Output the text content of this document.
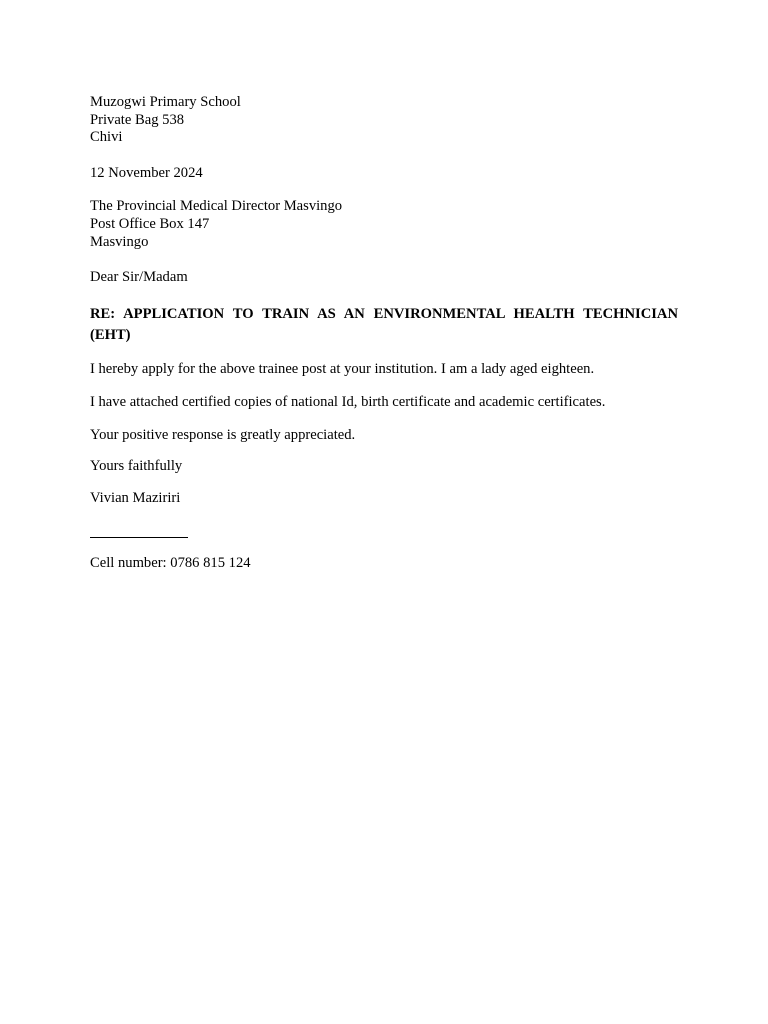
Muzogwi Primary School
Private Bag 538
Chivi
12 November 2024
The Provincial Medical Director Masvingo
Post Office Box 147
Masvingo
Dear Sir/Madam

RE: APPLICATION TO TRAIN AS AN ENVIRONMENTAL HEALTH TECHNICIAN (EHT)

I hereby apply for the above trainee post at your institution. I am a lady aged eighteen.

I have attached certified copies of national Id, birth certificate and academic certificates.

Your positive response is greatly appreciated.

Yours faithfully

Vivian Maziriri

Cell number: 0786 815 124
